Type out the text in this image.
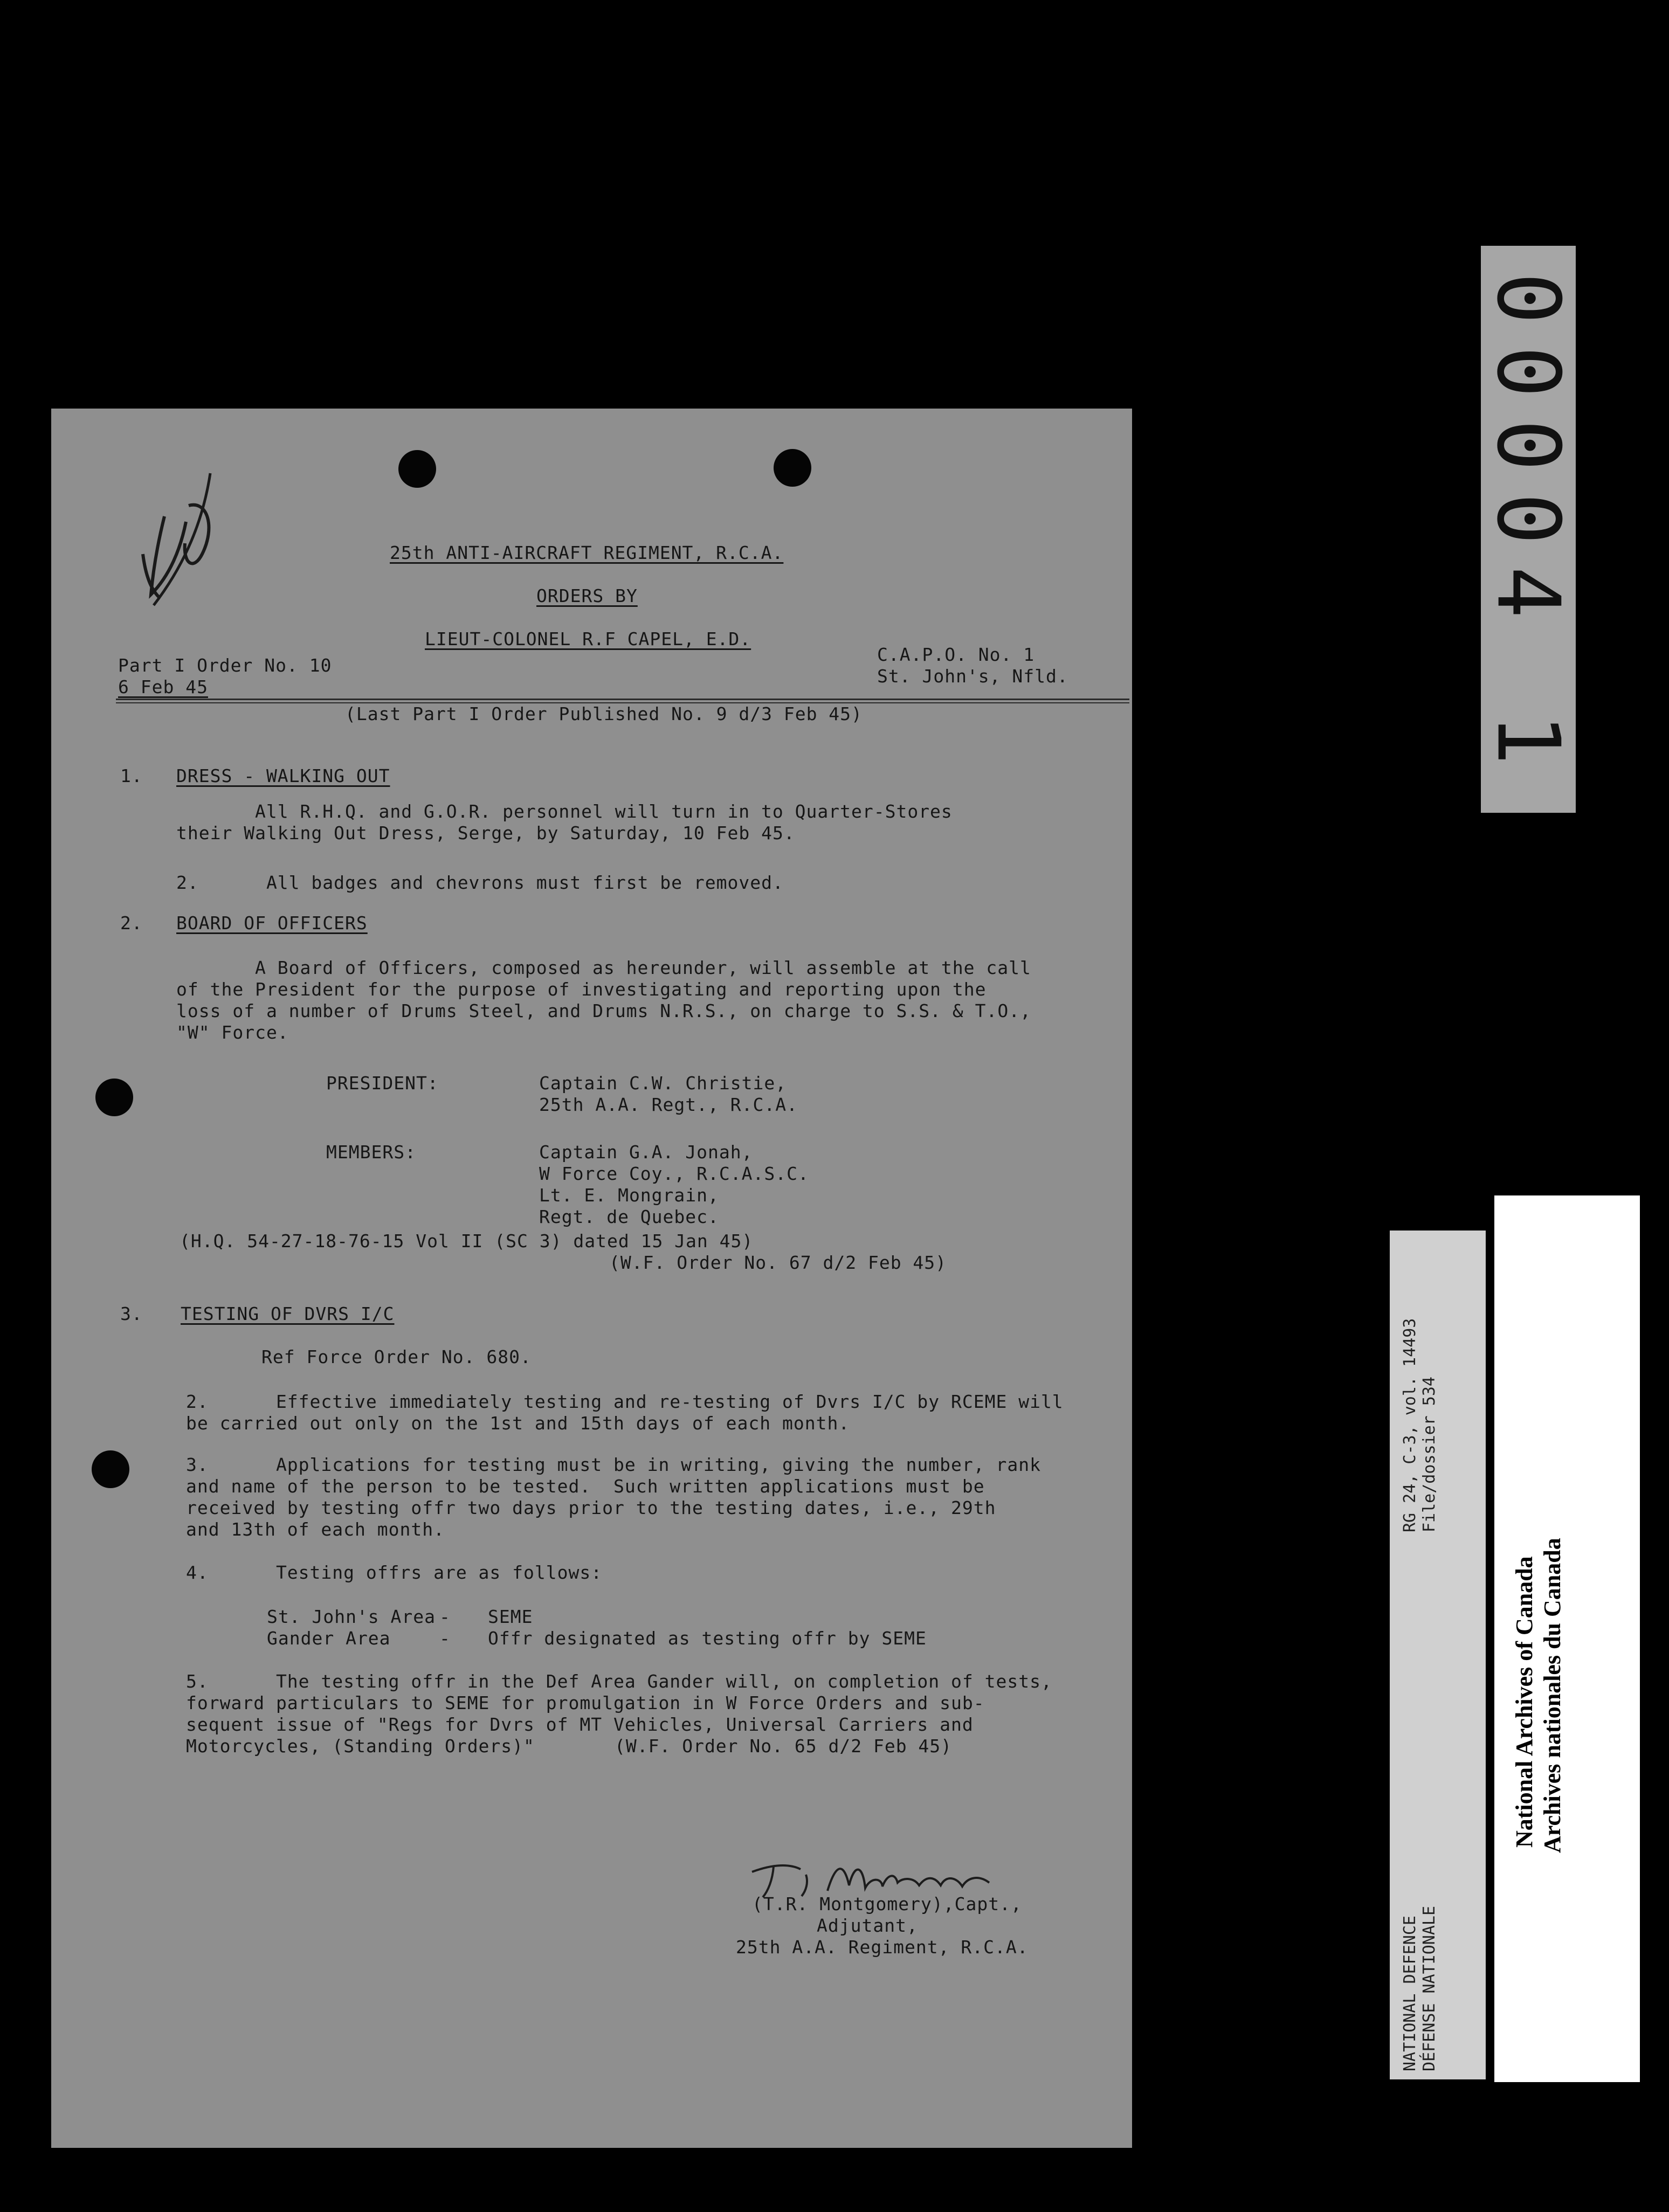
25th ANTI-AIRCRAFT REGIMENT, R.C.A.
ORDERS BY
LIEUT-COLONEL R.F CAPEL, E.D.
Part I Order No. 10
6 Feb 45
C.A.P.O. No. 1
St. John's, Nfld.
(Last Part I Order Published No. 9 d/3 Feb 45)
1. DRESS - WALKING OUT
All R.H.Q. and G.O.R. personnel will turn in to Quarter-Stores
their Walking Out Dress, Serge, by Saturday, 10 Feb 45.
2.      All badges and chevrons must first be removed.
2. BOARD OF OFFICERS
A Board of Officers, composed as hereunder, will assemble at the call
of the President for the purpose of investigating and reporting upon the
loss of a number of Drums Steel, and Drums N.R.S., on charge to S.S. & T.O.,
"W" Force.
PRESIDENT:	Captain C.W. Christie,
25th A.A. Regt., R.C.A.
MEMBERS:	Captain G.A. Jonah,
W Force Coy., R.C.A.S.C.
Lt. E. Mongrain,
Regt. de Quebec.
(H.Q. 54-27-18-76-15 Vol II (SC 3) dated 15 Jan 45)
(W.F. Order No. 67 d/2 Feb 45)
3. TESTING OF DVRS I/C
Ref Force Order No. 680.
2.      Effective immediately testing and re-testing of Dvrs I/C by RCEME will
be carried out only on the 1st and 15th days of each month.
3.      Applications for testing must be in writing, giving the number, rank
and name of the person to be tested.  Such written applications must be
received by testing offr two days prior to the testing dates, i.e., 29th
and 13th of each month.
4.      Testing offrs are as follows:
St. John's Area - SEME
Gander Area	- Offr designated as testing offr by SEME
5.      The testing offr in the Def Area Gander will, on completion of tests,
forward particulars to SEME for promulgation in W Force Orders and sub-
sequent issue of "Regs for Dvrs of MT Vehicles, Universal Carriers and
Motorcycles, (Standing Orders)"	(W.F. Order No. 65 d/2 Feb 45)
T.R. Montgomery
(T.R. Montgomery),Capt.,
Adjutant,
25th A.A. Regiment, R.C.A.
00004 1
RG 24, C-3, vol. 14493 File/dossier 534
NATIONAL DEFENCE DÉFENSE NATIONALE
National Archives of Canada Archives nationales du Canada
